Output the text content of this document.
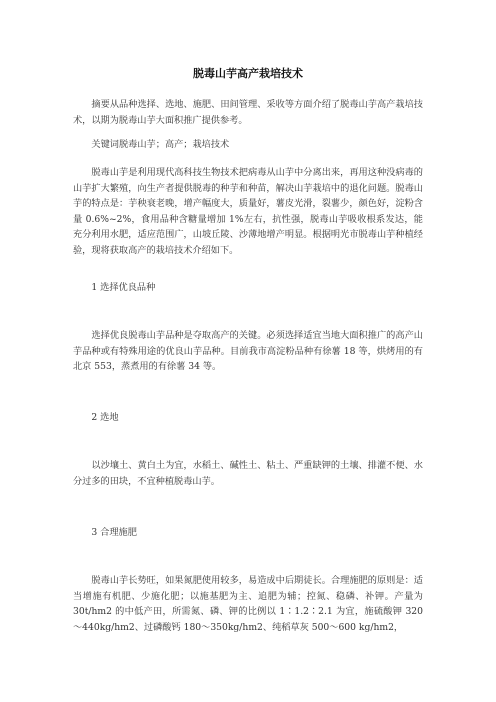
脱毒山芋高产栽培技术

摘要从品种选择、选地、施肥、田间管理、采收等方面介绍了脱毒山芋高产栽培技术，以期为脱毒山芋大面积推广提供参考。

关键词脱毒山芋；高产；栽培技术

脱毒山芋是利用现代高科技生物技术把病毒从山芋中分离出来，再用这种没病毒的山芋扩大繁殖，向生产者提供脱毒的种芋和种苗，解决山芋栽培中的退化问题。脱毒山芋的特点是：芋秧衰老晚，增产幅度大，质量好，薯皮光滑，裂薯少，颜色好，淀粉含量 0.6%~2%，食用品种含糖量增加 1%左右，抗性强，脱毒山芋吸收根系发达，能充分利用水肥，适应范围广，山坡丘陵、沙薄地增产明显。根据明光市脱毒山芋种植经验，现将获取高产的栽培技术介绍如下。

1 选择优良品种

选择优良脱毒山芋品种是夺取高产的关键。必须选择适宜当地大面积推广的高产山芋品种或有特殊用途的优良山芋品种。目前我市高淀粉品种有徐薯 18 等，烘烤用的有北京 553，蒸煮用的有徐薯 34 等。

2 选地

以沙壤土、黄白土为宜，水稻土、碱性土、粘土、严重缺钾的土壤、排灌不便、水分过多的田块，不宜种植脱毒山芋。

3 合理施肥

脱毒山芋长势旺，如果氮肥使用较多，易造成中后期徒长。合理施肥的原则是：适当增施有机肥、少施化肥；以施基肥为主、追肥为辅；控氮、稳磷、补钾。产量为 30t/hm2 的中低产田，所需氮、磷、钾的比例以 1∶1.2∶2.1 为宜，施硫酸钾 320～440kg/hm2、过磷酸钙 180～350kg/hm2、纯稻草灰 500～600 kg/hm2，
